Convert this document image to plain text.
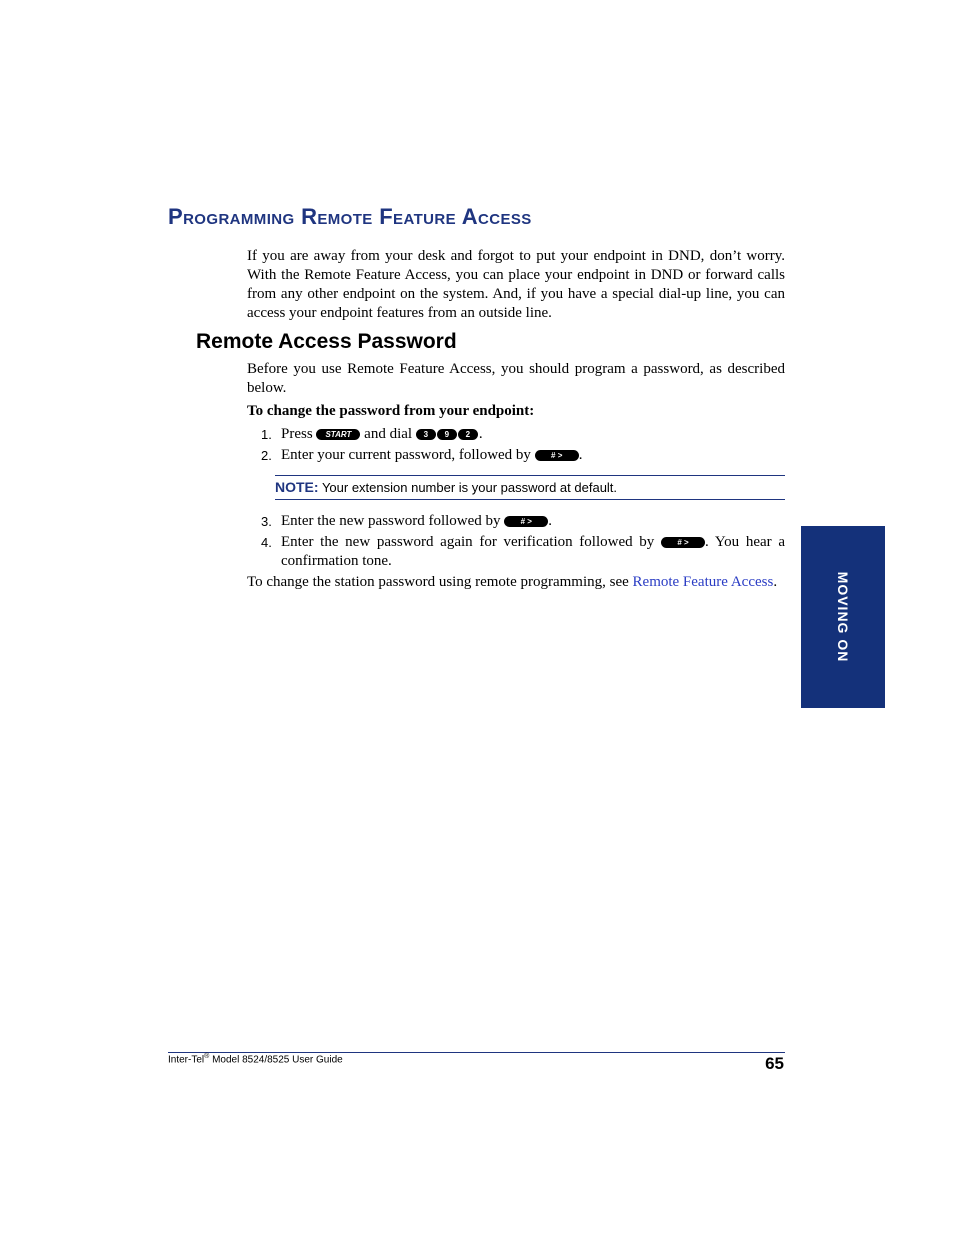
Programming Remote Feature Access

If you are away from your desk and forgot to put your endpoint in DND, don’t worry. With the Remote Feature Access, you can place your endpoint in DND or forward calls from any other endpoint on the system. And, if you have a special dial-up line, you can access your endpoint features from an outside line.

Remote Access Password

Before you use Remote Feature Access, you should program a password, as described below.

To change the password from your endpoint:

1. Press START and dial 3 9 2 .
2. Enter your current password, followed by	# > .
NOTE: Your extension number is your password at default.
3. Enter the new password followed by	# > .
4. Enter the new password again for verification followed by	# > . You hear a confirmation tone.

To change the station password using remote programming, see Remote Feature Access.	MOVING ON
Inter-Tel® Model 8524/8525 User Guide	65
